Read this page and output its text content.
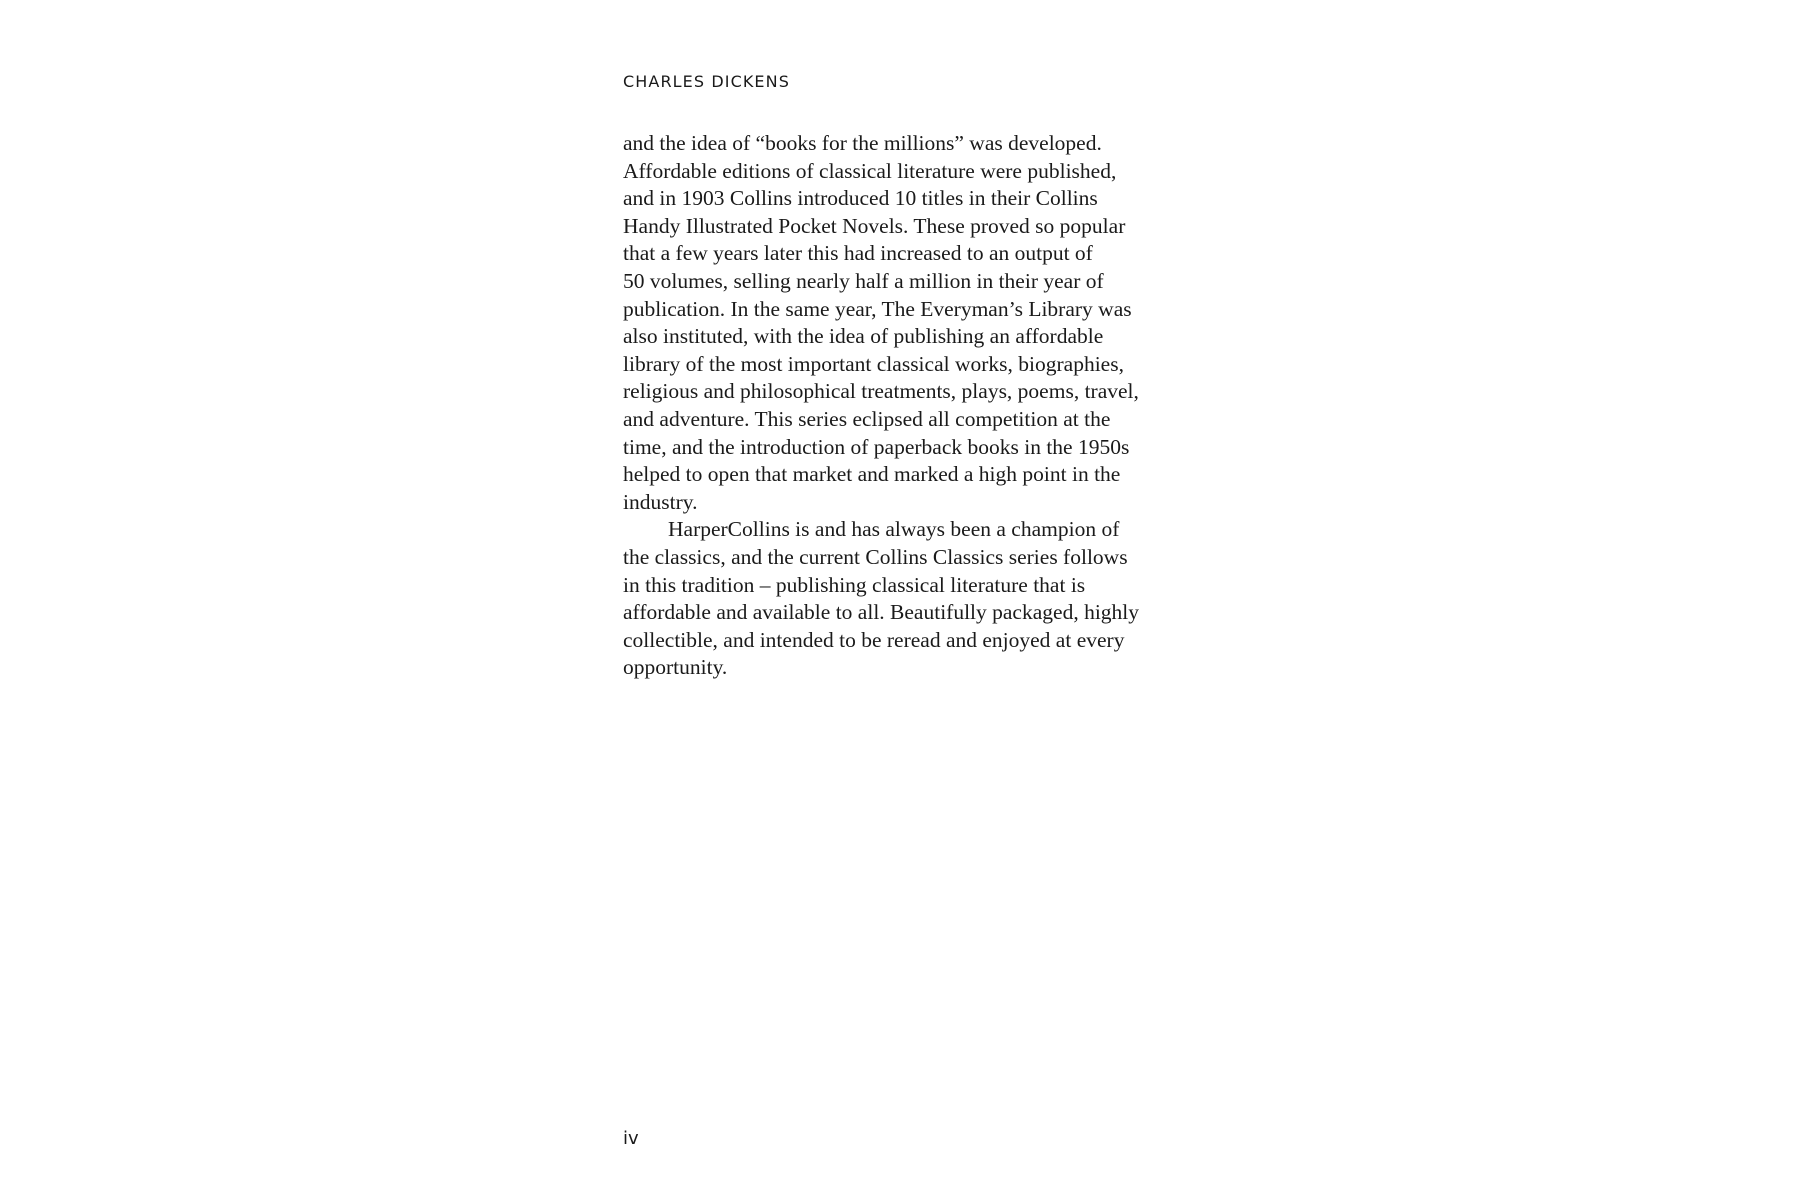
CHARLES DICKENS

and the idea of “books for the millions” was developed.
Affordable editions of classical literature were published,
and in 1903 Collins introduced 10 titles in their Collins
Handy Illustrated Pocket Novels. These proved so popular
that a few years later this had increased to an output of
50 volumes, selling nearly half a million in their year of
publication. In the same year, The Everyman’s Library was
also instituted, with the idea of publishing an affordable
library of the most important classical works, biographies,
religious and philosophical treatments, plays, poems, travel,
and adventure. This series eclipsed all competition at the
time, and the introduction of paperback books in the 1950s
helped to open that market and marked a high point in the
industry.

HarperCollins is and has always been a champion of
the classics, and the current Collins Classics series follows
in this tradition – publishing classical literature that is
affordable and available to all. Beautifully packaged, highly
collectible, and intended to be reread and enjoyed at every
opportunity.

iv
